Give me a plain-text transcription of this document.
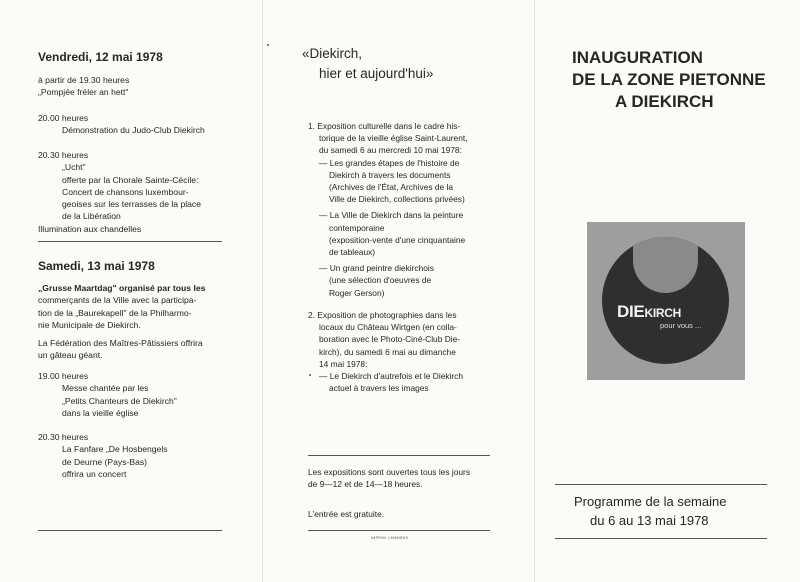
Vendredi, 12 mai 1978
à partir de 19.30 heures
„Pompjée fréler an hett"
20.00 heures
Démonstration du Judo-Club Diekirch
20.30 heures
„Ucht"
offerte par la Chorale Sainte-Cécile:
Concert de chansons luxembour-
geoises sur les terrasses de la place
de la Libération
Illumination aux chandelles
Samedi, 13 mai 1978
„Grusse Maartdag" organisé par tous les
commerçants de la Ville avec la participa-
tion de la „Baurekapell" de la Philharmo-
nie Municipale de Diekirch.
La Fédération des Maîtres-Pâtissiers offrira
un gâteau géant.
19.00 heures
Messe chantée par les
„Petits Chanteurs de Diekirch"
dans la vieille église
20.30 heures
La Fanfare „De Hosbengels
de Deurne (Pays-Bas)
offrira un concert
«Diekirch,
hier et aujourd'hui»
1. Exposition culturelle dans le cadre his-
torique de la vieille église Saint-Laurent,
du samedi 6 au mercredi 10 mai 1978:
— Les grandes étapes de l'histoire de
Diekirch à travers les documents
(Archives de l'État, Archives de la
Ville de Diekirch, collections privées)
— La Ville de Diekirch dans la peinture
contemporaine
(exposition-vente d'une cinquantaine
de tableaux)
— Un grand peintre diekirchois
(une sélection d'oeuvres de
Roger Gerson)
2. Exposition de photographies dans les
locaux du Château Wirtgen (en colla-
boration avec le Photo-Ciné-Club Die-
kirch), du samedi 6 mai au dimanche
14 mai 1978:
— Le Diekirch d'autrefois et le Diekirch
actuel à travers les images
Les expositions sont ouvertes tous les jours
de 9—12 et de 14—18 heures.
L'entrée est gratuite.
IMPRIM. LEMMENS
INAUGURATION
DE LA ZONE PIETONNE
A DIEKIRCH
DIEKIRCH
pour vous ...
Programme de la semaine
du 6 au 13 mai 1978
